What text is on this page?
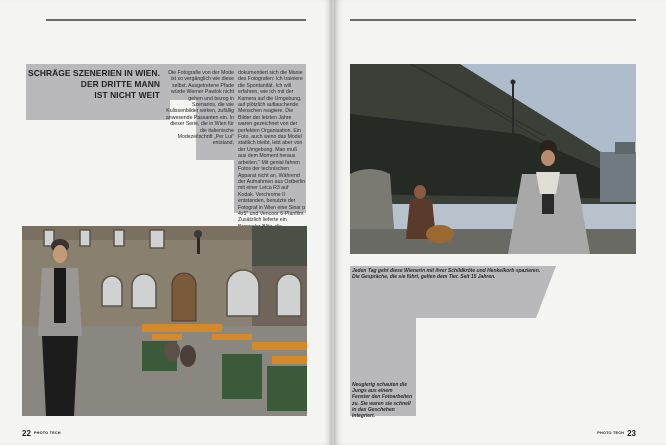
SCHRÄGE SZENERIEN IN WIEN.
DER DRITTE MANN
IST NICHT WEIT
Die Fotografie von der Mode ist so vergänglich wie diese selbst. Ausgetretene Pfade würde Werner Pawlok nicht gehen und bezog in Szenarios, die wie Kulissenbilder wirken, zufällig anwesende Passanten ein. In dieser Serie, die in Wien für die italienische Modezeitschrift „Per Lui" entstand,
dokumentiert sich die Manie des Fotografen: Ich trainiere die Spontanität. Ich will erfahren, wie ich mit der Kamera auf die Umgebung, auf plötzlich auftauchende Menschen reagiere. Die Bilder der letzten Jahre waren gezeichnet von der perfekten Organisation. Ein Foto, auch wenn das Model stattlich bleibt, lebt aber von der Umgebung. Man muß aus dem Moment heraus arbeiten." Mit genial fahren Fotos der technischen Apparat nicht an. Während der Aufnahmen aus Ostberlin mit einer Leica R3 auf Kodak. Verchrome II entstanden, benutzte der Fotograf in Wien eine Sinar p 4x5" und Vencoor 6-Planfilm. Zusätzlich lieferte ein
22 PHOTO TECH
Jeden Tag geht diese Wienerin mit ihrer Schildkröte und Henkelkorb spazieren. Die Gespräche, die sie führt, gelten dem Tier. Seit 15 Jahren.
Neugierig schauten die Jungs aus einem Fenster den Fotoarbeiten zu. Sie waren sie schnell in das Geschehen integriert.
PHOTO TECH 23
